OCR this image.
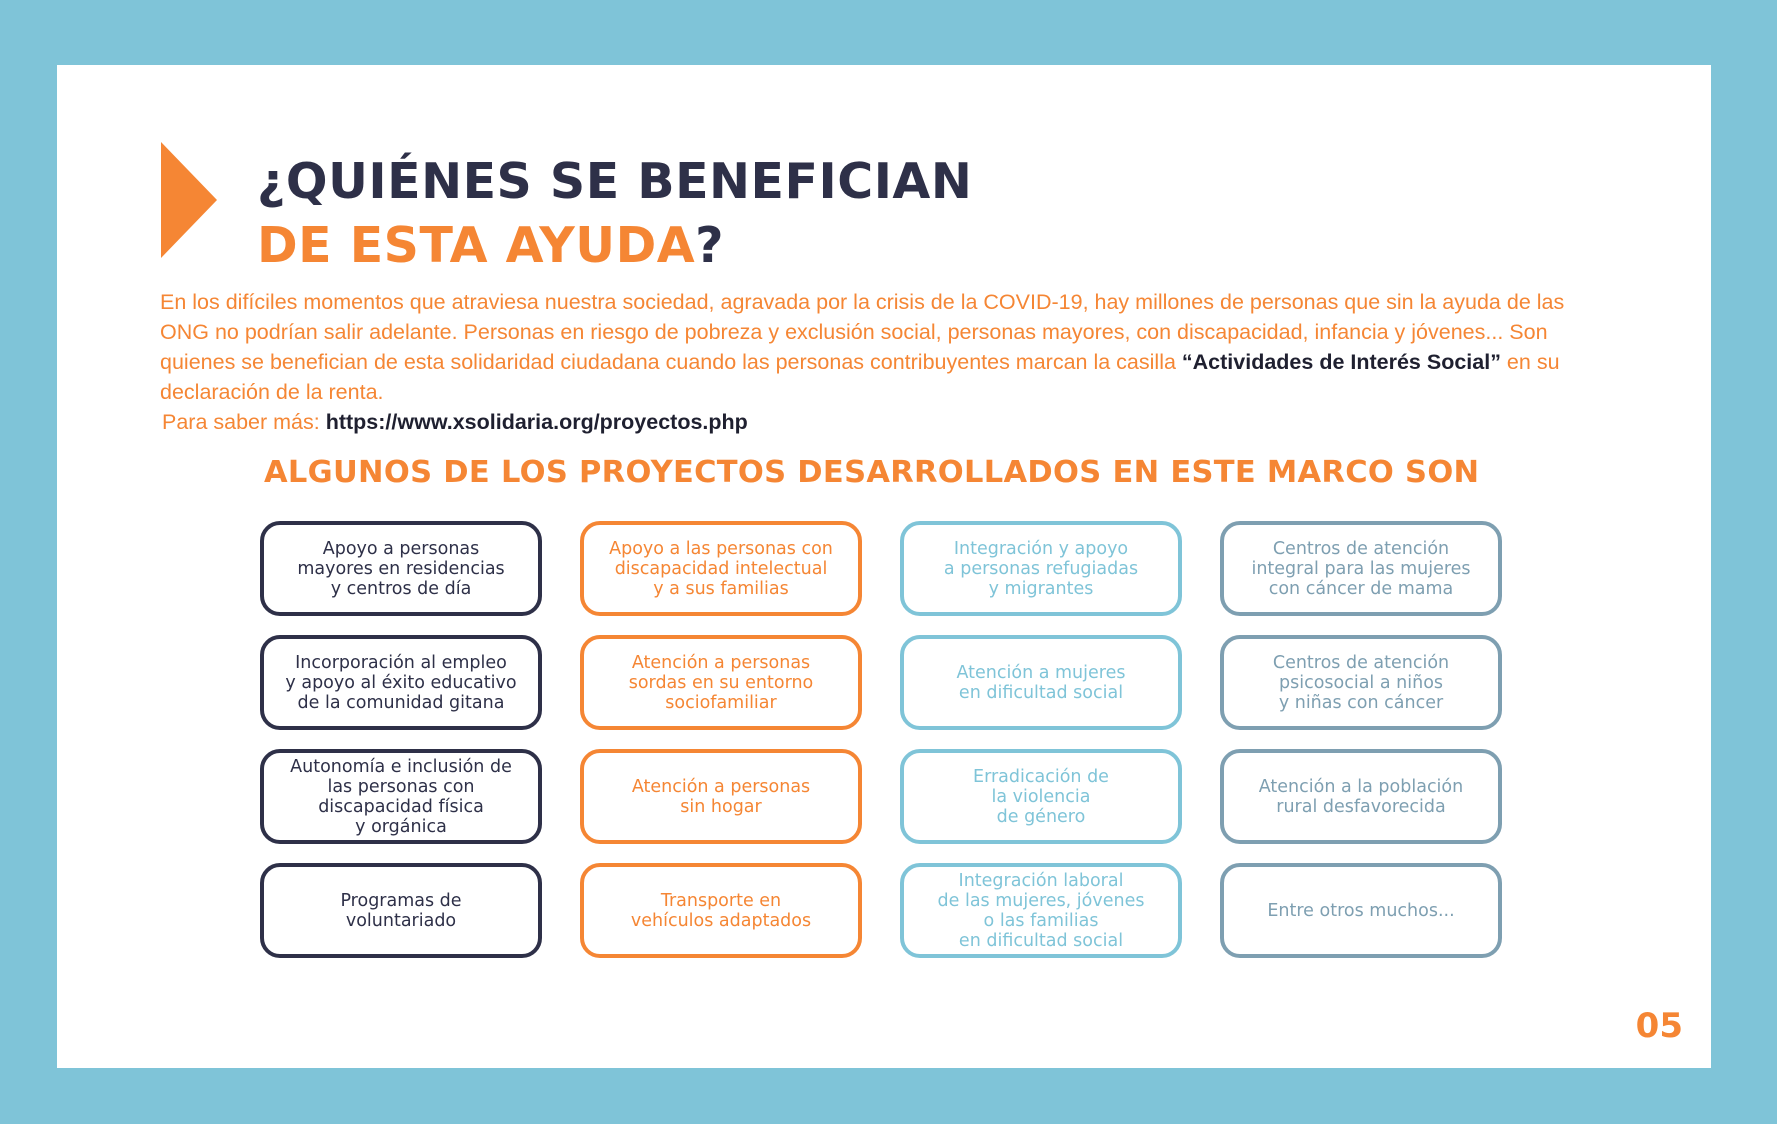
¿QUIÉNES SE BENEFICIAN
DE ESTA AYUDA?

En los difíciles momentos que atraviesa nuestra sociedad, agravada por la crisis de la COVID-19, hay millones de personas que sin la ayuda de las ONG no podrían salir adelante. Personas en riesgo de pobreza y exclusión social, personas mayores, con discapacidad, infancia y jóvenes... Son quienes se benefician de esta solidaridad ciudadana cuando las personas contribuyentes marcan la casilla “Actividades de Interés Social” en su declaración de la renta.

Para saber más: https://www.xsolidaria.org/proyectos.php

ALGUNOS DE LOS PROYECTOS DESARROLLADOS EN ESTE MARCO SON
Apoyo a personas
mayores en residencias
y centros de día
Apoyo a las personas con
discapacidad intelectual
y a sus familias
Integración y apoyo
a personas refugiadas
y migrantes
Centros de atención
integral para las mujeres
con cáncer de mama
Incorporación al empleo
y apoyo al éxito educativo
de la comunidad gitana
Atención a personas
sordas en su entorno
sociofamiliar
Atención a mujeres
en dificultad social
Centros de atención
psicosocial a niños
y niñas con cáncer
Autonomía e inclusión de
las personas con
discapacidad física
y orgánica
Atención a personas
sin hogar
Erradicación de
la violencia
de género
Atención a la población
rural desfavorecida
Programas de
voluntariado
Transporte en
vehículos adaptados
Integración laboral
de las mujeres, jóvenes
o las familias
en dificultad social
Entre otros muchos...

05
